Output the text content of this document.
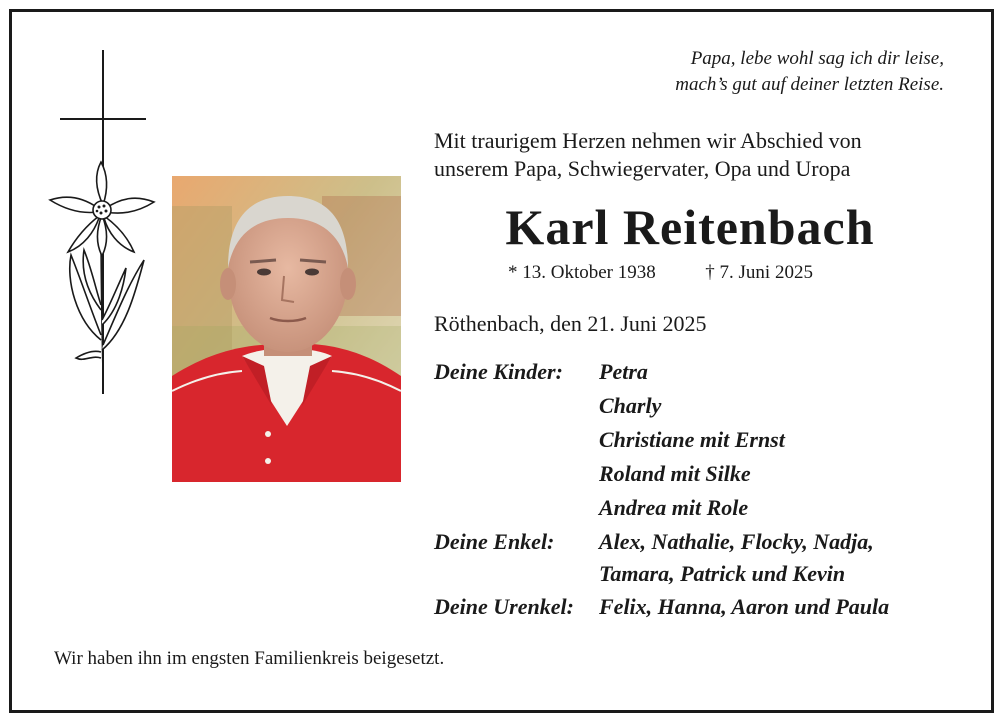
Papa, lebe wohl sag ich dir leise,
mach’s gut auf deiner letzten Reise.
Mit traurigem Herzen nehmen wir Abschied von
unserem Papa, Schwiegervater, Opa und Uropa
Karl Reitenbach
* 13. Oktober 1938	† 7. Juni 2025
Röthenbach, den 21. Juni 2025
Deine Kinder: Petra
Charly
Christiane mit Ernst
Roland mit Silke
Andrea mit Role
Deine Enkel: Alex, Nathalie, Flocky, Nadja,
Tamara, Patrick und Kevin
Deine Urenkel: Felix, Hanna, Aaron und Paula
Wir haben ihn im engsten Familienkreis beigesetzt.
